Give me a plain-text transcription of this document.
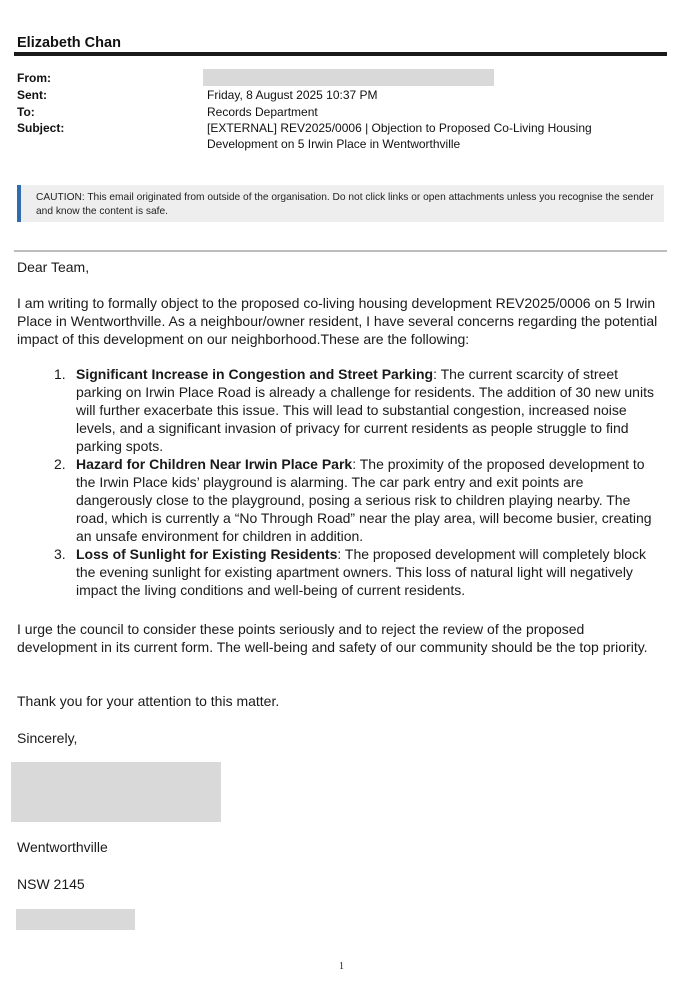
Elizabeth Chan
From:
Sent:	Friday, 8 August 2025 10:37 PM
To:	Records Department
Subject:	[EXTERNAL] REV2025/0006 | Objection to Proposed Co-Living Housing Development on 5 Irwin Place in Wentworthville
CAUTION: This email originated from outside of the organisation. Do not click links or open attachments unless you recognise the sender and know the content is safe.
Dear Team,
I am writing to formally object to the proposed co-living housing development REV2025/0006 on 5 Irwin Place in Wentworthville. As a neighbour/owner resident, I have several concerns regarding the potential impact of this development on our neighborhood.These are the following:
1. Significant Increase in Congestion and Street Parking: The current scarcity of street parking on Irwin Place Road is already a challenge for residents. The addition of 30 new units will further exacerbate this issue. This will lead to substantial congestion, increased noise levels, and a significant invasion of privacy for current residents as people struggle to find parking spots.
2. Hazard for Children Near Irwin Place Park: The proximity of the proposed development to the Irwin Place kids’ playground is alarming. The car park entry and exit points are dangerously close to the playground, posing a serious risk to children playing nearby. The road, which is currently a “No Through Road” near the play area, will become busier, creating an unsafe environment for children in addition.
3. Loss of Sunlight for Existing Residents: The proposed development will completely block the evening sunlight for existing apartment owners. This loss of natural light will negatively impact the living conditions and well-being of current residents.
I urge the council to consider these points seriously and to reject the review of the proposed development in its current form. The well-being and safety of our community should be the top priority.
Thank you for your attention to this matter.
Sincerely,
Wentworthville
NSW 2145
1
